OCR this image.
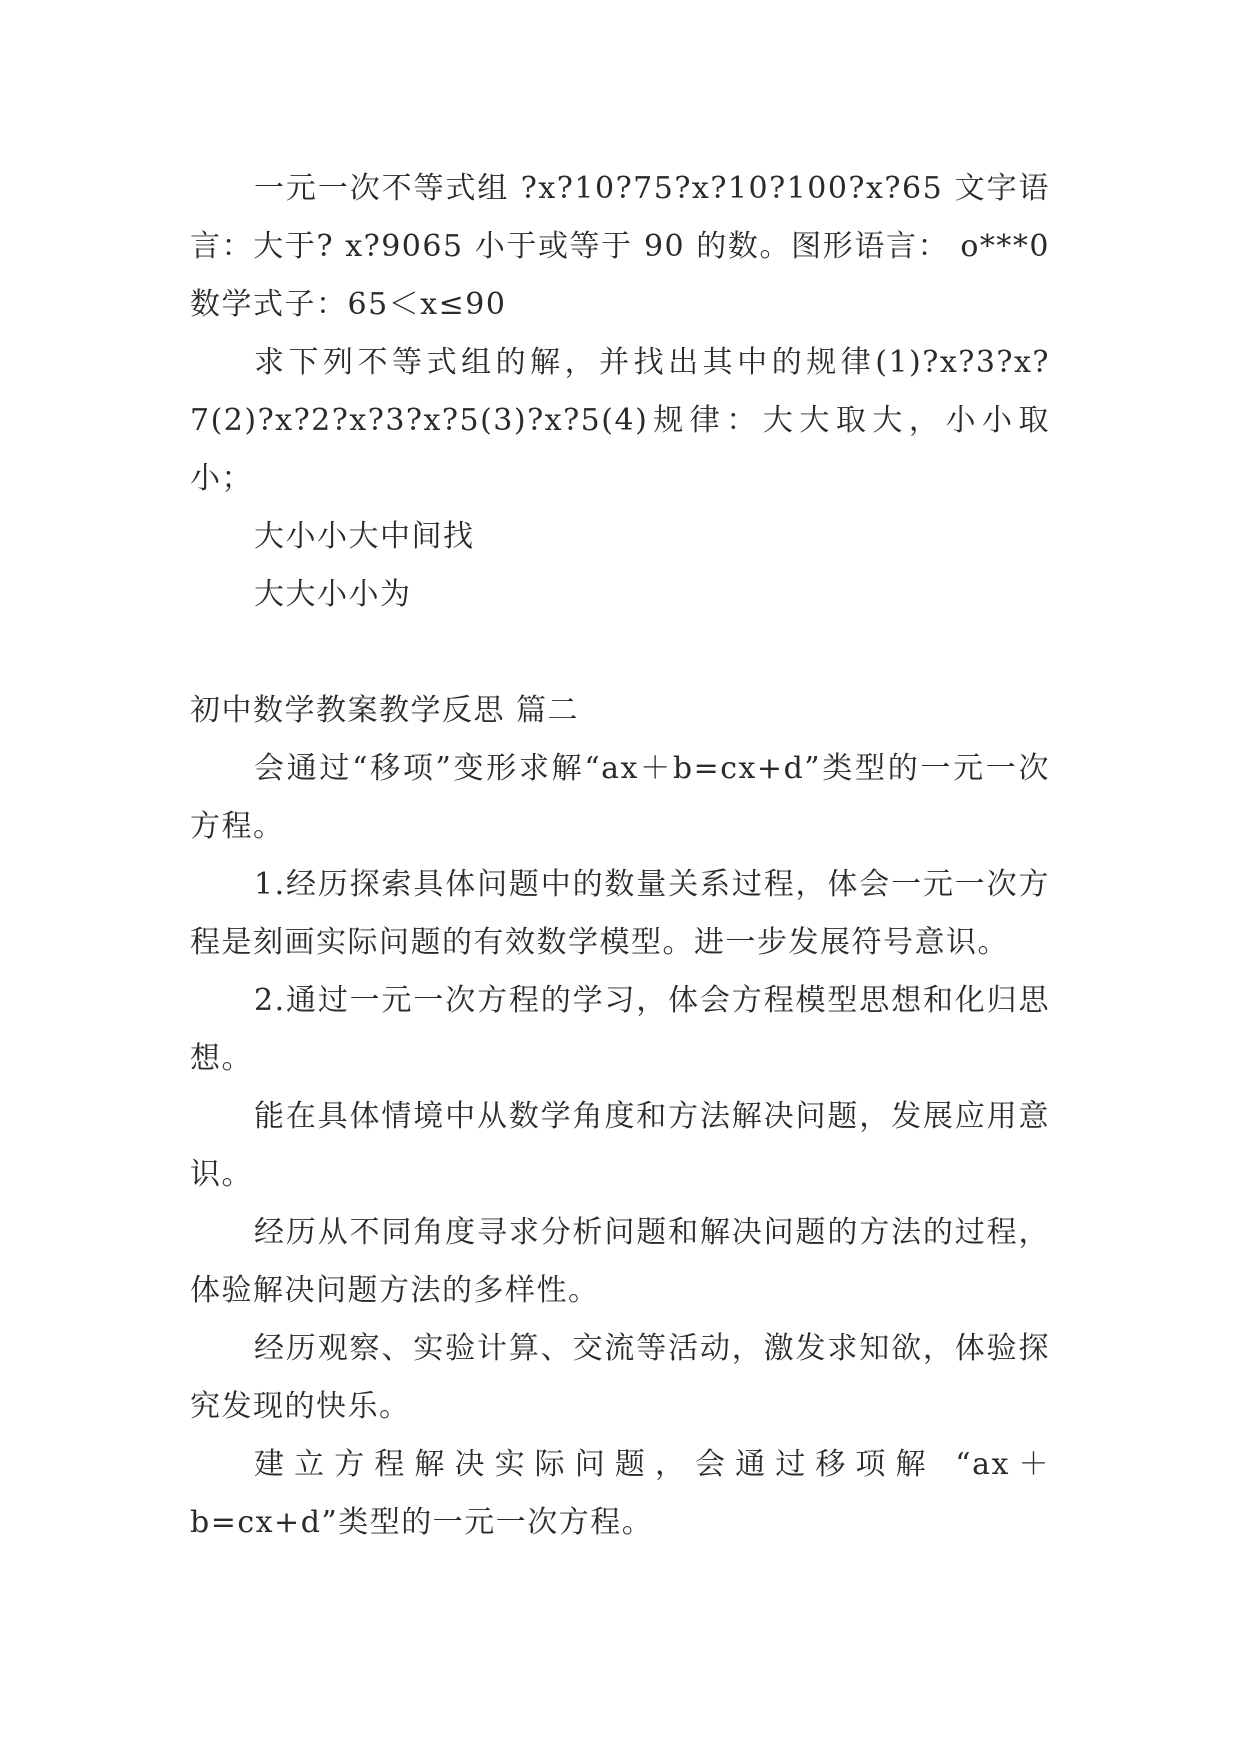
一元一次不等式组 ?x?10?75?x?10?100?x?65 文字语言：大于? x?9065 小于或等于 90 的数。图形语言： o***0 数学式子：65＜x≤90

求下列不等式组的解，并找出其中的规律(1)?x?3?x?7(2)?x?2?x?3?x?5(3)?x?5(4)规律：大大取大，小小取小；

大小小大中间找

大大小小为

初中数学教案教学反思 篇二

会通过“移项”变形求解“ax＋b=cx+d”类型的一元一次方程。

1.经历探索具体问题中的数量关系过程，体会一元一次方程是刻画实际问题的有效数学模型。进一步发展符号意识。

2.通过一元一次方程的学习，体会方程模型思想和化归思想。

能在具体情境中从数学角度和方法解决问题，发展应用意识。

经历从不同角度寻求分析问题和解决问题的方法的过程，体验解决问题方法的多样性。

经历观察、实验计算、交流等活动，激发求知欲，体验探究发现的快乐。

建立方程解决实际问题，会通过移项解 “ax＋b=cx+d”类型的一元一次方程。
